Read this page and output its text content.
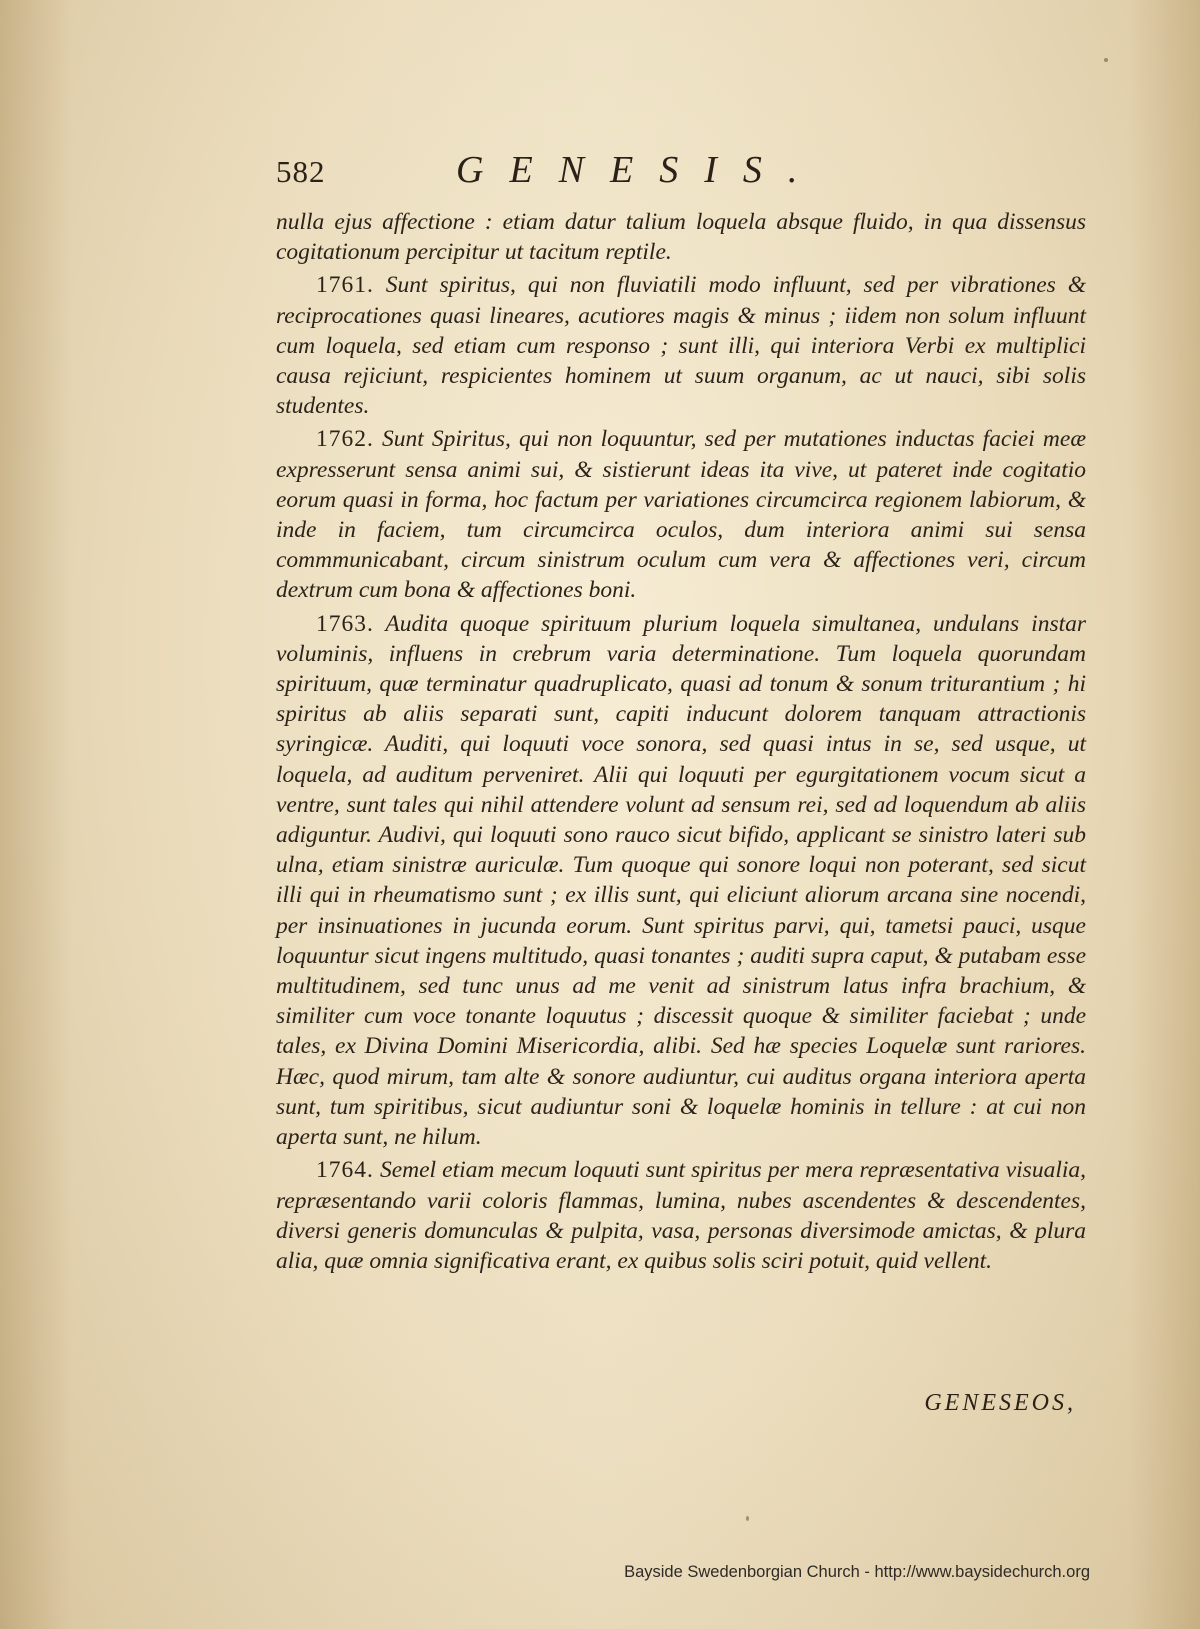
582	GENESIS.

nulla ejus affectione : etiam datur talium loquela absque fluido, in qua dissensus cogitationum percipitur ut tacitum reptile.

1761. Sunt spiritus, qui non fluviatili modo influunt, sed per vibrationes & reciprocationes quasi lineares, acutiores magis & minus ; iidem non solum influunt cum loquela, sed etiam cum responso ; sunt illi, qui interiora Verbi ex multiplici causa rejiciunt, respicientes hominem ut suum organum, ac ut nauci, sibi solis studentes.

1762. Sunt Spiritus, qui non loquuntur, sed per mutationes inductas faciei meæ expresserunt sensa animi sui, & sistierunt ideas ita vive, ut pateret inde cogitatio eorum quasi in forma, hoc factum per variationes circumcirca regionem labiorum, & inde in faciem, tum circumcirca oculos, dum interiora animi sui sensa commmunicabant, circum sinistrum oculum cum vera & affectiones veri, circum dextrum cum bona & affectiones boni.

1763. Audita quoque spirituum plurium loquela simultanea, undulans instar voluminis, influens in crebrum varia determinatione. Tum loquela quorundam spirituum, quæ terminatur quadruplicato, quasi ad tonum & sonum triturantium ; hi spiritus ab aliis separati sunt, capiti inducunt dolorem tanquam attractionis syringicæ. Auditi, qui loquuti voce sonora, sed quasi intus in se, sed usque, ut loquela, ad auditum perveniret. Alii qui loquuti per egurgitationem vocum sicut a ventre, sunt tales qui nihil attendere volunt ad sensum rei, sed ad loquendum ab aliis adiguntur. Audivi, qui loquuti sono rauco sicut bifido, applicant se sinistro lateri sub ulna, etiam sinistræ auriculæ. Tum quoque qui sonore loqui non poterant, sed sicut illi qui in rheumatismo sunt ; ex illis sunt, qui eliciunt aliorum arcana sine nocendi, per insinuationes in jucunda eorum. Sunt spiritus parvi, qui, tametsi pauci, usque loquuntur sicut ingens multitudo, quasi tonantes ; auditi supra caput, & putabam esse multitudinem, sed tunc unus ad me venit ad sinistrum latus infra brachium, & similiter cum voce tonante loquutus ; discessit quoque & similiter faciebat ; unde tales, ex Divina Domini Misericordia, alibi. Sed hæ species Loquelæ sunt rariores. Hæc, quod mirum, tam alte & sonore audiuntur, cui auditus organa interiora aperta sunt, tum spiritibus, sicut audiuntur soni & loquelæ hominis in tellure : at cui non aperta sunt, ne hilum.

1764. Semel etiam mecum loquuti sunt spiritus per mera repræsentativa visualia, repræsentando varii coloris flammas, lumina, nubes ascendentes & descendentes, diversi generis domunculas & pulpita, vasa, personas diversimode amictas, & plura alia, quæ omnia significativa erant, ex quibus solis sciri potuit, quid vellent.

GENESEOS,
Bayside Swedenborgian Church - http://www.baysidechurch.org
